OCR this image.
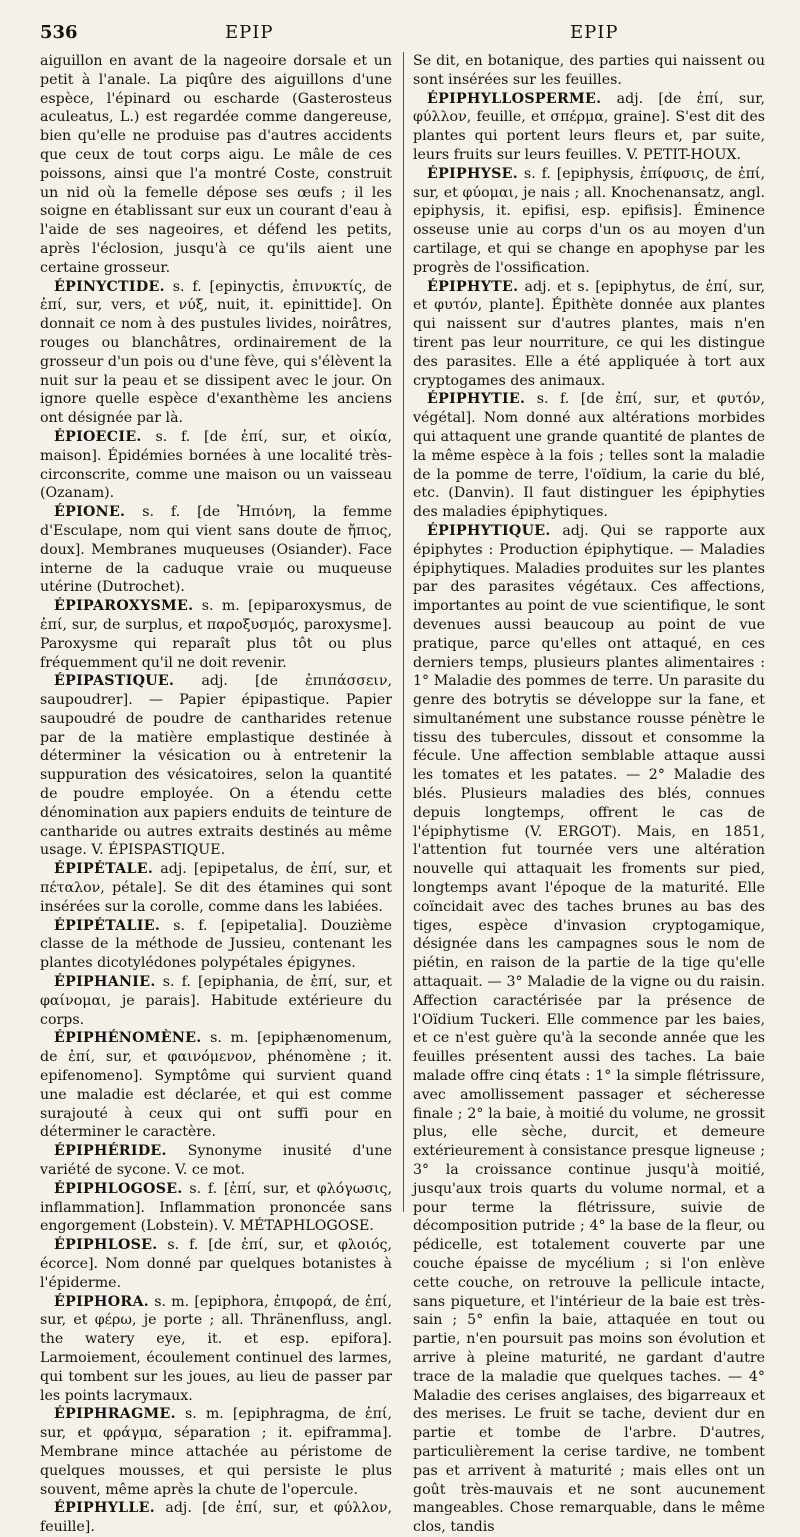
536	EPIP	EPIP

aiguillon en avant de la nageoire dorsale et un petit à l'anale. La piqûre des aiguillons d'une espèce, l'épinard ou escharde (Gasterosteus aculeatus, L.) est regardée comme dangereuse, bien qu'elle ne produise pas d'autres accidents que ceux de tout corps aigu. Le mâle de ces poissons, ainsi que l'a montré Coste, construit un nid où la femelle dépose ses œufs ; il les soigne en établissant sur eux un courant d'eau à l'aide de ses nageoires, et défend les petits, après l'éclosion, jusqu'à ce qu'ils aient une certaine grosseur.

ÉPINYCTIDE. s. f. [epinyctis, ἐπινυκτίς, de ἐπί, sur, vers, et νύξ, nuit, it. epinittide]. On donnait ce nom à des pustules livides, noirâtres, rouges ou blanchâtres, ordinairement de la grosseur d'un pois ou d'une fève, qui s'élèvent la nuit sur la peau et se dissipent avec le jour. On ignore quelle espèce d'exanthème les anciens ont désignée par là.

ÉPIOECIE. s. f. [de ἐπί, sur, et οἰκία, maison]. Épidémies bornées à une localité très-circonscrite, comme une maison ou un vaisseau (Ozanam).

ÉPIONE. s. f. [de Ἠπιόνη, la femme d'Esculape, nom qui vient sans doute de ἤπιος, doux]. Membranes muqueuses (Osiander). Face interne de la caduque vraie ou muqueuse utérine (Dutrochet).

ÉPIPAROXYSME. s. m. [epiparoxysmus, de ἐπί, sur, de surplus, et παροξυσμός, paroxysme]. Paroxysme qui reparaît plus tôt ou plus fréquemment qu'il ne doit revenir.

ÉPIPASTIQUE. adj. [de ἐπιπάσσειν, saupoudrer]. — Papier épipastique. Papier saupoudré de poudre de cantharides retenue par de la matière emplastique destinée à déterminer la vésication ou à entretenir la suppuration des vésicatoires, selon la quantité de poudre employée. On a étendu cette dénomination aux papiers enduits de teinture de cantharide ou autres extraits destinés au même usage. V. ÉPISPASTIQUE.

ÉPIPÉTALE. adj. [epipetalus, de ἐπί, sur, et πέταλον, pétale]. Se dit des étamines qui sont insérées sur la corolle, comme dans les labiées.

ÉPIPÉTALIE. s. f. [epipetalia]. Douzième classe de la méthode de Jussieu, contenant les plantes dicotylédones polypétales épigynes.

ÉPIPHANIE. s. f. [epiphania, de ἐπί, sur, et φαίνομαι, je parais]. Habitude extérieure du corps.

ÉPIPHÉNOMÈNE. s. m. [epiphænomenum, de ἐπί, sur, et φαινόμενον, phénomène ; it. epifenomeno]. Symptôme qui survient quand une maladie est déclarée, et qui est comme surajouté à ceux qui ont suffi pour en déterminer le caractère.

ÉPIPHÉRIDE. Synonyme inusité d'une variété de sycone. V. ce mot.

ÉPIPHLOGOSE. s. f. [ἐπί, sur, et φλόγωσις, inflammation]. Inflammation prononcée sans engorgement (Lobstein). V. MÉTAPHLOGOSE.

ÉPIPHLOSE. s. f. [de ἐπί, sur, et φλοιός, écorce]. Nom donné par quelques botanistes à l'épiderme.

ÉPIPHORA. s. m. [epiphora, ἐπιφορά, de ἐπί, sur, et φέρω, je porte ; all. Thränenfluss, angl. the watery eye, it. et esp. epifora]. Larmoiement, écoulement continuel des larmes, qui tombent sur les joues, au lieu de passer par les points lacrymaux.

ÉPIPHRAGME. s. m. [epiphragma, de ἐπί, sur, et φράγμα, séparation ; it. epiframma]. Membrane mince attachée au péristome de quelques mousses, et qui persiste le plus souvent, même après la chute de l'opercule.

ÉPIPHYLLE. adj. [de ἐπί, sur, et φύλλον, feuille].

Se dit, en botanique, des parties qui naissent ou sont insérées sur les feuilles.

ÉPIPHYLLOSPERME. adj. [de ἐπί, sur, φύλλον, feuille, et σπέρμα, graine]. S'est dit des plantes qui portent leurs fleurs et, par suite, leurs fruits sur leurs feuilles. V. PETIT-HOUX.

ÉPIPHYSE. s. f. [epiphysis, ἐπίφυσις, de ἐπί, sur, et φύομαι, je nais ; all. Knochenansatz, angl. epiphysis, it. epifisi, esp. epifisis]. Éminence osseuse unie au corps d'un os au moyen d'un cartilage, et qui se change en apophyse par les progrès de l'ossification.

ÉPIPHYTE. adj. et s. [epiphytus, de ἐπί, sur, et φυτόν, plante]. Épithète donnée aux plantes qui naissent sur d'autres plantes, mais n'en tirent pas leur nourriture, ce qui les distingue des parasites. Elle a été appliquée à tort aux cryptogames des animaux.

ÉPIPHYTIE. s. f. [de ἐπί, sur, et φυτόν, végétal]. Nom donné aux altérations morbides qui attaquent une grande quantité de plantes de la même espèce à la fois ; telles sont la maladie de la pomme de terre, l'oïdium, la carie du blé, etc. (Danvin). Il faut distinguer les épiphyties des maladies épiphytiques.

ÉPIPHYTIQUE. adj. Qui se rapporte aux épiphytes : Production épiphytique. — Maladies épiphytiques. Maladies produites sur les plantes par des parasites végétaux. Ces affections, importantes au point de vue scientifique, le sont devenues aussi beaucoup au point de vue pratique, parce qu'elles ont attaqué, en ces derniers temps, plusieurs plantes alimentaires : 1° Maladie des pommes de terre. Un parasite du genre des botrytis se développe sur la fane, et simultanément une substance rousse pénètre le tissu des tubercules, dissout et consomme la fécule. Une affection semblable attaque aussi les tomates et les patates. — 2° Maladie des blés. Plusieurs maladies des blés, connues depuis longtemps, offrent le cas de l'épiphytisme (V. ERGOT). Mais, en 1851, l'attention fut tournée vers une altération nouvelle qui attaquait les froments sur pied, longtemps avant l'époque de la maturité. Elle coïncidait avec des taches brunes au bas des tiges, espèce d'invasion cryptogamique, désignée dans les campagnes sous le nom de piétin, en raison de la partie de la tige qu'elle attaquait. — 3° Maladie de la vigne ou du raisin. Affection caractérisée par la présence de l'Oïdium Tuckeri. Elle commence par les baies, et ce n'est guère qu'à la seconde année que les feuilles présentent aussi des taches. La baie malade offre cinq états : 1° la simple flétrissure, avec amollissement passager et sécheresse finale ; 2° la baie, à moitié du volume, ne grossit plus, elle sèche, durcit, et demeure extérieurement à consistance presque ligneuse ; 3° la croissance continue jusqu'à moitié, jusqu'aux trois quarts du volume normal, et a pour terme la flétrissure, suivie de décomposition putride ; 4° la base de la fleur, ou pédicelle, est totalement couverte par une couche épaisse de mycélium ; si l'on enlève cette couche, on retrouve la pellicule intacte, sans piqueture, et l'intérieur de la baie est très-sain ; 5° enfin la baie, attaquée en tout ou partie, n'en poursuit pas moins son évolution et arrive à pleine maturité, ne gardant d'autre trace de la maladie que quelques taches. — 4° Maladie des cerises anglaises, des bigarreaux et des merises. Le fruit se tache, devient dur en partie et tombe de l'arbre. D'autres, particulièrement la cerise tardive, ne tombent pas et arrivent à maturité ; mais elles ont un goût très-mauvais et ne sont aucunement mangeables. Chose remarquable, dans le même clos, tandis
